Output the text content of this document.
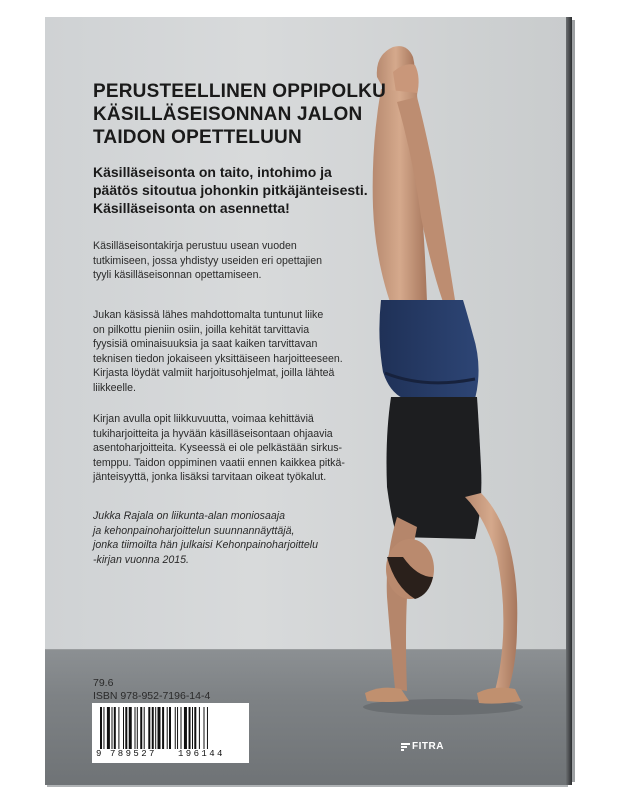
PERUSTEELLINEN OPPIPOLKU
KÄSILLÄSEISONNAN JALON
TAIDON OPETTELUUN
Käsilläseisonta on taito, intohimo ja
päätös sitoutua johonkin pitkäjänteisesti.
Käsilläseisonta on asennetta!
Käsilläseisontakirja perustuu usean vuoden
tutkimiseen, jossa yhdistyy useiden eri opettajien
tyyli käsilläseisonnan opettamiseen.
Jukan käsissä lähes mahdottomalta tuntunut liike
on pilkottu pieniin osiin, joilla kehität tarvittavia
fyysisiä ominaisuuksia ja saat kaiken tarvittavan
teknisen tiedon jokaiseen yksittäiseen harjoitteeseen.
Kirjasta löydät valmiit harjoitusohjelmat, joilla lähteä
liikkeelle.
Kirjan avulla opit liikkuvuutta, voimaa kehittäviä
tukiharjoitteita ja hyvään käsilläseisontaan ohjaavia
asentoharjoitteita. Kyseessä ei ole pelkästään sirkus-
temppu. Taidon oppiminen vaatii ennen kaikkea pitkä-
jänteisyyttä, jonka lisäksi tarvitaan oikeat työkalut.
Jukka Rajala on liikunta-alan moniosaaja
ja kehonpainoharjoittelun suunnannäyttäjä,
jonka tiimoilta hän julkaisi Kehonpainoharjoittelu
-kirjan vuonna 2015.
79.6
ISBN 978-952-7196-14-4
9 789527 196144
FITRA
